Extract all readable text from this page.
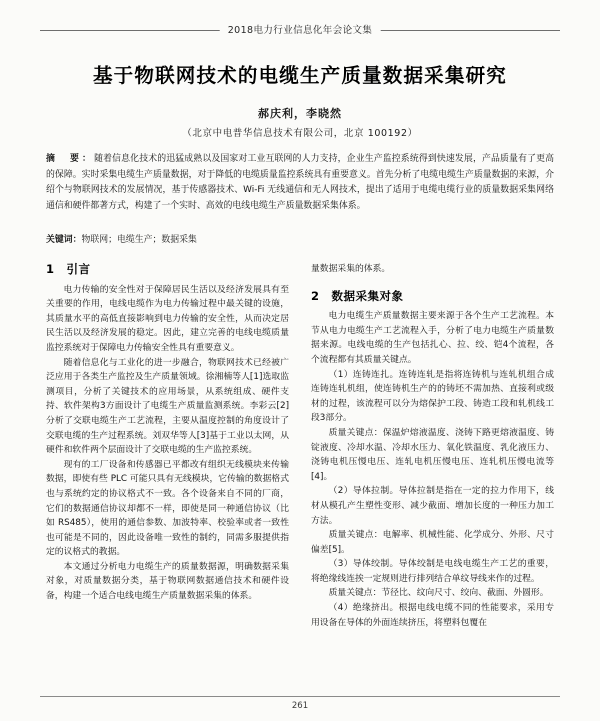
2018电力行业信息化年会论文集
基于物联网技术的电缆生产质量数据采集研究
郝庆利，李晓然
（北京中电普华信息技术有限公司，北京 100192）
摘　要：随着信息化技术的迅猛成熟以及国家对工业互联网的人力支持，企业生产监控系统得到快速发展，产品质量有了更高的保障。实时采集电缆生产质量数据，对于降低的电缆质量监控系统具有重要意义。首先分析了电缆电缆生产质量数据的来源，介绍个与物联网技术的发展情况，基于传感器技术、Wi-Fi 无线通信和无人网技术，提出了适用于电缆电缆行业的质量数据采集网络通信和硬件都著方式，构建了一个实时、高效的电线电缆生产质量数据采集体系。
关键词：物联网；电缆生产；数据采集
1　引言

电力传输的安全性对于保障居民生活以及经济发展具有至关重要的作用，电线电缆作为电力传输过程中最关键的设施，其质量水平的高低直接影响到电力传输的安全性，从而决定居民生活以及经济发展的稳定。因此，建立完善的电线电缆质量监控系统对于保障电力传输安全性具有重要意义。

随着信息化与工业化的进一步融合，物联网技术已经被广泛应用于各类生产监控及生产质量领域。徐湘楠等人[1]选取监测项目，分析了关键技术的应用场景，从系统组成、硬件支持、软件架构3方面设计了电缆生产质量监测系统。李彩云[2]分析了交联电缆生产工艺流程，主要从温度控制的角度设计了交联电缆的生产过程系统。刘双华等人[3]基于工业以太网，从硬件和软件两个层面设计了交联电缆的生产监控系统。

现有的工厂设备和传感器已平都改有组织无线模块来传输数据，即使有些 PLC 可能只具有无线模块，它传输的数据格式也与系统约定的协议格式不一致。各个设备来自不同的厂商，它们的数据通信协议却都不一样，即使是同一种通信协议（比如 RS485），使用的通信参数、加波特率、校验率或者一致性也可能是不同的，因此设备唯一致性的制约，同需多服提供指定的议格式的教据。

本文通过分析电力电缆生产的质量数据源，明确数据采集对象，对质量数据分类，基于物联网数据通信技术和硬件设备，构建一个适合电线电缆生产质量数据采集的体系。

量数据采集的体系。

2　数据采集对象

电力电缆生产质量数据主要来源于各个生产工艺流程。本节从电力电缆生产工艺流程入手，分析了电力电缆生产质量数据来源。电线电缆的生产包括扎心、拉、绞、铠4个流程，各个流程都有其质量关键点。

（1）连铸连扎。连铸连轧是指将连铸机与连轧机组合成连铸连轧机组，使连铸机生产的的铸坯不需加热、直接利或级材的过程，该流程可以分为熔保护工段、铸造工段和轧机线工段3部分。

质量关键点：保温炉熔液温度、浇铸下路更熔液温度、铸锭液度、冷却水温、冷却水压力、氧化铁温度、乳化液压力、浇铸电机压慢电压、连轧电机压慢电压、连轧机压慢电流等[4]。

（2）导体拉制。导体拉制是指在一定的拉力作用下，线材从模孔产生塑性变形、减少截面、增加长度的一种压力加工方法。

质量关键点：电解率、机械性能、化学成分、外形、尺寸偏差[5]。

（3）导体绞制。导体绞制是电线电缆生产工艺的重要，将绝缘线连挨一定规则进行排列结合单纹导线来作的过程。

质量关键点：节径比、纹向尺寸、绞向、截面、外圆形。

（4）绝缘挤出。根据电线电缆不同的性能要求，采用专用设备在导体的外面连续挤压，将塑料包覆在

261
